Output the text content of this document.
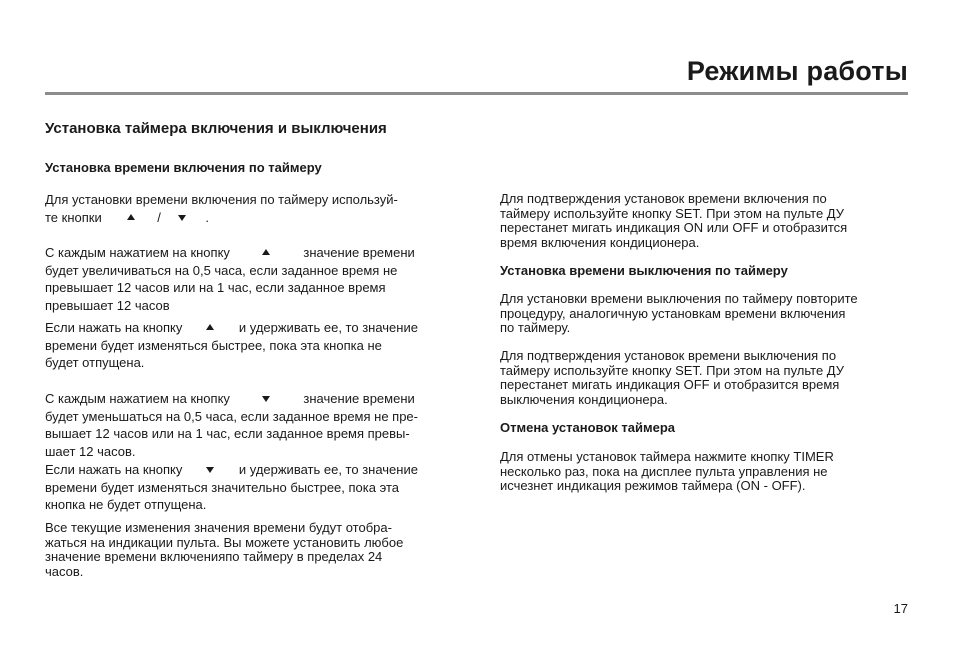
Режимы работы
Установка таймера включения и выключения
Установка времени включения по таймеру
Для установки времени включения по таймеру используй-
те кнопки	/	.
С каждым нажатием на кнопку	значение времени
будет увеличиваться на 0,5 часа, если заданное время не
превышает 12 часов или на 1 час, если заданное время
превышает 12 часов
Если нажать на кнопку	и удерживать ее, то значение
времени будет изменяться быстрее, пока эта кнопка не
будет отпущена.
С каждым нажатием на кнопку	значение времени
будет уменьшаться на 0,5 часа, если заданное время не пре-
вышает 12 часов или на 1 час, если заданное время превы-
шает 12 часов.
Если нажать на кнопку	и удерживать ее, то значение
времени будет изменяться значительно быстрее, пока эта
кнопка не будет отпущена.
Все текущие изменения значения времени будут отобра-
жаться на индикации пульта. Вы можете установить любое
значение времени включенияпо таймеру в пределах 24
часов.
Для подтверждения установок времени включения по
таймеру используйте кнопку SET. При этом на пульте ДУ
перестанет мигать индикация ON или OFF и отобразится
время включения кондиционера.
Установка времени выключения по таймеру
Для установки времени выключения по таймеру повторите
процедуру, аналогичную установкам времени включения
по таймеру.
Для подтверждения установок времени выключения по
таймеру используйте кнопку SET. При этом на пульте ДУ
перестанет мигать индикация OFF и отобразится время
выключения кондиционера.
Отмена установок таймера
Для отмены установок таймера нажмите кнопку TIMER
несколько раз, пока на дисплее пульта управления не
исчезнет индикация режимов таймера (ON - OFF).
17
